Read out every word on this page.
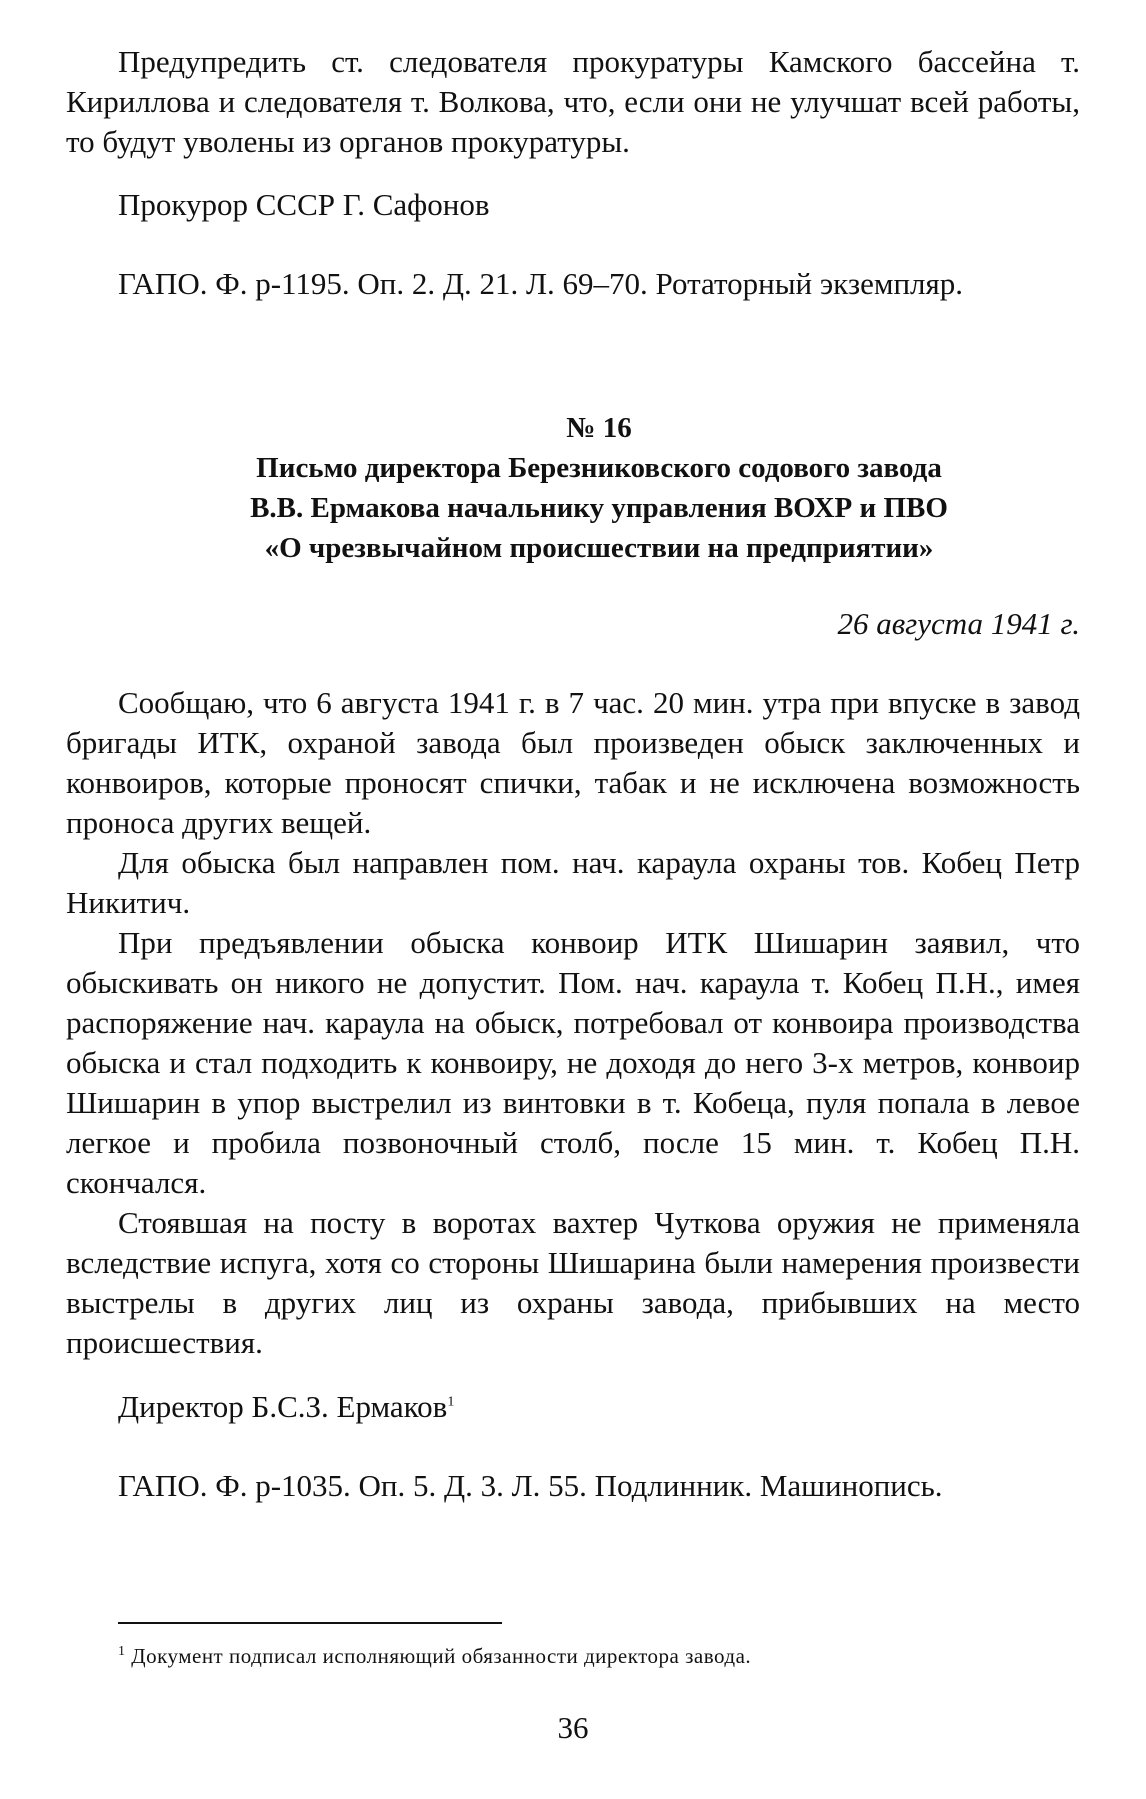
Предупредить ст. следователя прокуратуры Камского бассейна т. Кириллова и следователя т. Волкова, что, если они не улучшат всей работы, то будут уволены из органов прокуратуры.

Прокурор СССР Г. Сафонов

ГАПО. Ф. р-1195. Оп. 2. Д. 21. Л. 69–70. Ротаторный экземпляр.

№ 16

Письмо директора Березниковского содового завода

В.В. Ермакова начальнику управления ВОХР и ПВО

«О чрезвычайном происшествии на предприятии»

26 августа 1941 г.

Сообщаю, что 6 августа 1941 г. в 7 час. 20 мин. утра при впуске в завод бригады ИТК, охраной завода был произведен обыск заключенных и конвоиров, которые проносят спички, табак и не исключена возможность проноса других вещей.

Для обыска был направлен пом. нач. караула охраны тов. Кобец Петр Никитич.

При предъявлении обыска конвоир ИТК Шишарин заявил, что обыскивать он никого не допустит. Пом. нач. караула т. Кобец П.Н., имея распоряжение нач. караула на обыск, потребовал от конвоира производства обыска и стал подходить к конвоиру, не доходя до него 3-х метров, конвоир Шишарин в упор выстрелил из винтовки в т. Кобеца, пуля попала в левое легкое и пробила позвоночный столб, после 15 мин. т. Кобец П.Н. скончался.

Стоявшая на посту в воротах вахтер Чуткова оружия не применяла вследствие испуга, хотя со стороны Шишарина были намерения произвести выстрелы в других лиц из охраны завода, прибывших на место происшествия.

Директор Б.С.З. Ермаков$^1$

ГАПО. Ф. р-1035. Оп. 5. Д. 3. Л. 55. Подлинник. Машинопись.

$^1$ Документ подписал исполняющий обязанности директора завода.

36
